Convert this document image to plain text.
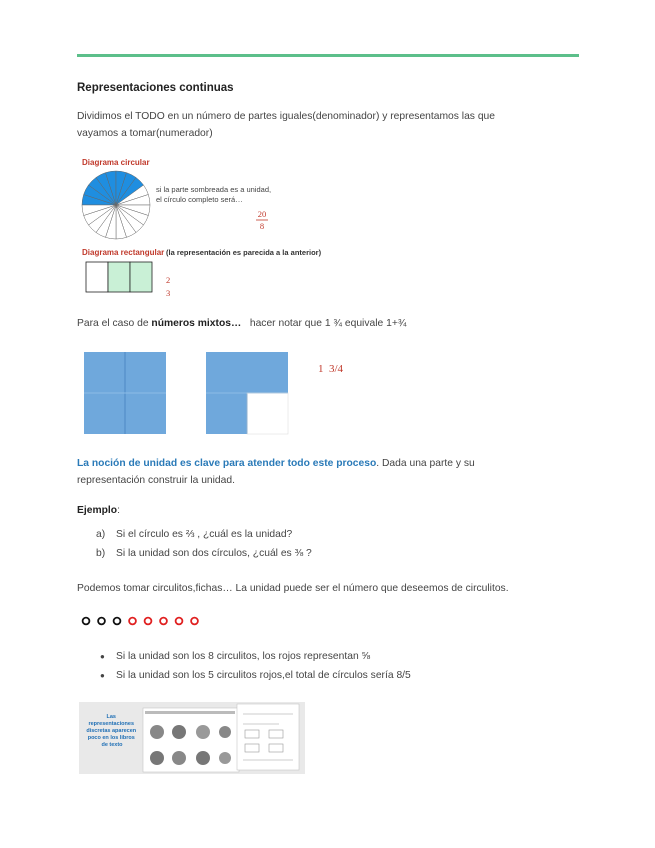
Representaciones continuas
Dividimos el TODO en un número de partes iguales(denominador) y representamos las que
vayamos a tomar(numerador)
Diagrama circular
si la parte sombreada es a unidad,
el círculo completo será…
20
8
Diagrama rectangular (la representación es parecida a la anterior)
2
3
Para el caso de números mixtos…   hacer notar que 1 ¾ equivale 1+¾
1  3/4
La noción de unidad es clave para atender todo este proceso. Dada una parte y su
representación construir la unidad.
Ejemplo:
a) Si el círculo es ⅔ , ¿cuál es la unidad?
b) Si la unidad son dos círculos, ¿cuál es ⅜ ?
Podemos tomar circulitos,fichas… La unidad puede ser el número que deseemos de circulitos.
● Si la unidad son los 8 circulitos, los rojos representan ⅝
● Si la unidad son los 5 circulitos rojos,el total de círculos sería 8/5
Las representaciones discretas aparecen poco en los libros de texto
